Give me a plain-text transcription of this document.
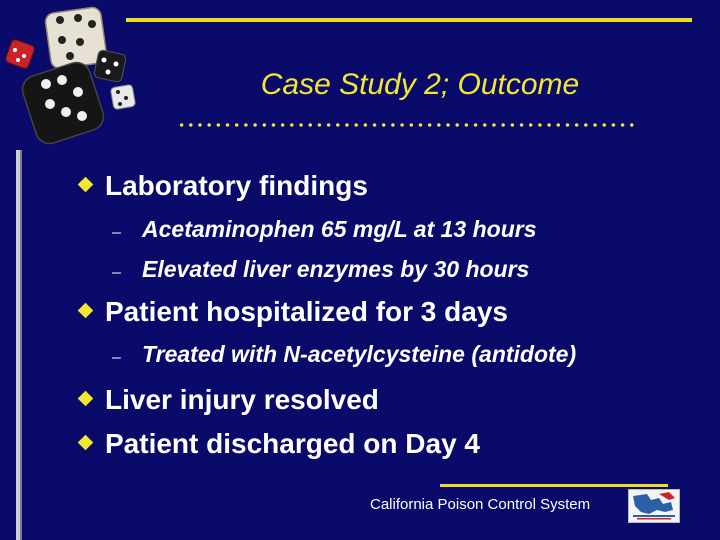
Case Study 2; Outcome
Laboratory findings
– Acetaminophen 65 mg/L at 13 hours
– Elevated liver enzymes by 30 hours
Patient hospitalized for 3 days
– Treated with N-acetylcysteine (antidote)
Liver injury resolved
Patient discharged on Day 4
California Poison Control System
